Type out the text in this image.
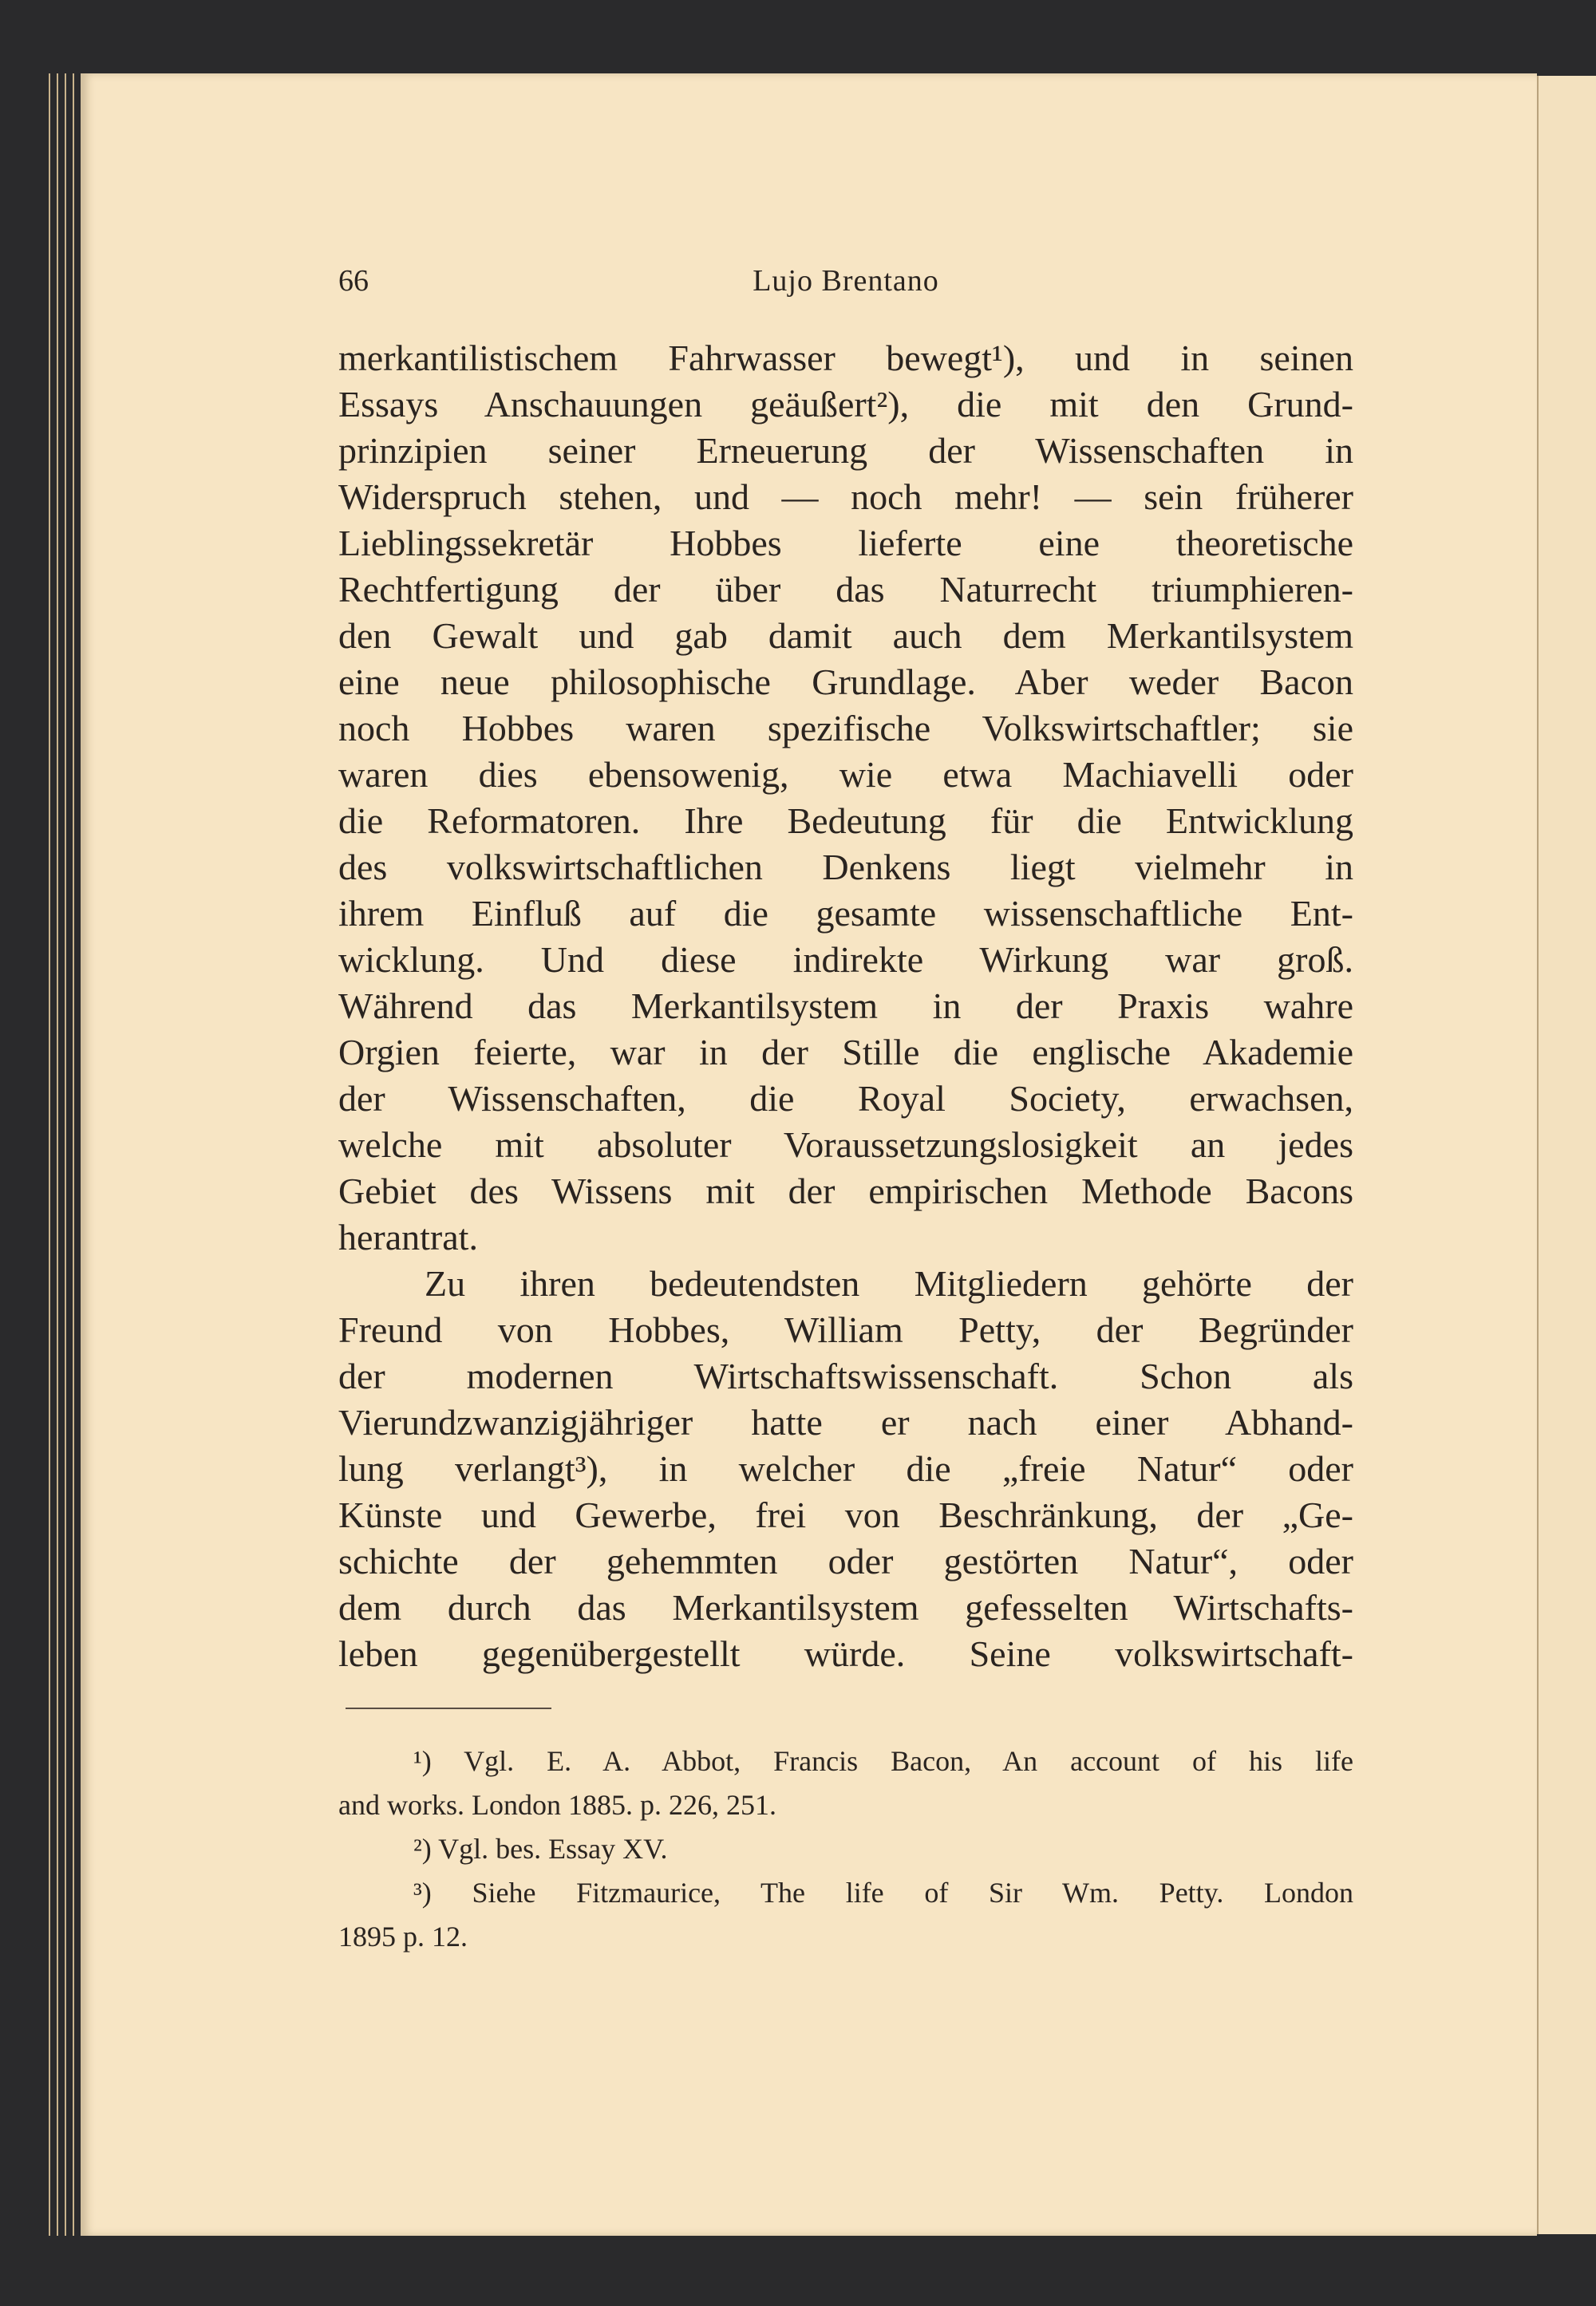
66	Lujo Brentano
merkantilistischem Fahrwasser bewegt¹), und in seinen
Essays Anschauungen geäußert²), die mit den Grund-
prinzipien seiner Erneuerung der Wissenschaften in
Widerspruch stehen, und — noch mehr! — sein früherer
Lieblingssekretär Hobbes lieferte eine theoretische
Rechtfertigung der über das Naturrecht triumphieren-
den Gewalt und gab damit auch dem Merkantilsystem
eine neue philosophische Grundlage. Aber weder Bacon
noch Hobbes waren spezifische Volkswirtschaftler; sie
waren dies ebensowenig, wie etwa Machiavelli oder
die Reformatoren. Ihre Bedeutung für die Entwicklung
des volkswirtschaftlichen Denkens liegt vielmehr in
ihrem Einfluß auf die gesamte wissenschaftliche Ent-
wicklung. Und diese indirekte Wirkung war groß.
Während das Merkantilsystem in der Praxis wahre
Orgien feierte, war in der Stille die englische Akademie
der Wissenschaften, die Royal Society, erwachsen,
welche mit absoluter Voraussetzungslosigkeit an jedes
Gebiet des Wissens mit der empirischen Methode Bacons
herantrat.
Zu ihren bedeutendsten Mitgliedern gehörte der
Freund von Hobbes, William Petty, der Begründer
der modernen Wirtschaftswissenschaft. Schon als
Vierundzwanzigjähriger hatte er nach einer Abhand-
lung verlangt³), in welcher die „freie Natur“ oder
Künste und Gewerbe, frei von Beschränkung, der „Ge-
schichte der gehemmten oder gestörten Natur“, oder
dem durch das Merkantilsystem gefesselten Wirtschafts-
leben gegenübergestellt würde. Seine volkswirtschaft-
¹) Vgl. E. A. Abbot, Francis Bacon, An account of his life
and works. London 1885. p. 226, 251.
²) Vgl. bes. Essay XV.
³) Siehe Fitzmaurice, The life of Sir Wm. Petty. London
1895 p. 12.
